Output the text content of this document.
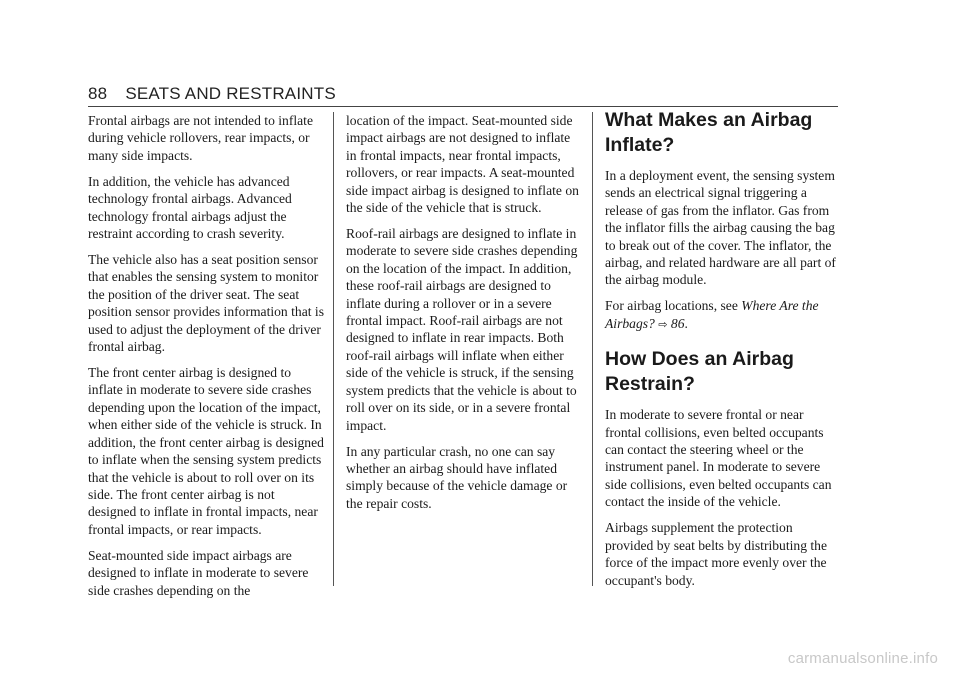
88 SEATS AND RESTRAINTS

Frontal airbags are not intended to inflate during vehicle rollovers, rear impacts, or many side impacts.

In addition, the vehicle has advanced technology frontal airbags. Advanced technology frontal airbags adjust the restraint according to crash severity.

The vehicle also has a seat position sensor that enables the sensing system to monitor the position of the driver seat. The seat position sensor provides information that is used to adjust the deployment of the driver frontal airbag.

The front center airbag is designed to inflate in moderate to severe side crashes depending upon the location of the impact, when either side of the vehicle is struck. In addition, the front center airbag is designed to inflate when the sensing system predicts that the vehicle is about to roll over on its side. The front center airbag is not designed to inflate in frontal impacts, near frontal impacts, or rear impacts.

Seat-mounted side impact airbags are designed to inflate in moderate to severe side crashes depending on the

location of the impact. Seat-mounted side impact airbags are not designed to inflate in frontal impacts, near frontal impacts, rollovers, or rear impacts. A seat-mounted side impact airbag is designed to inflate on the side of the vehicle that is struck.

Roof-rail airbags are designed to inflate in moderate to severe side crashes depending on the location of the impact. In addition, these roof-rail airbags are designed to inflate during a rollover or in a severe frontal impact. Roof-rail airbags are not designed to inflate in rear impacts. Both roof-rail airbags will inflate when either side of the vehicle is struck, if the sensing system predicts that the vehicle is about to roll over on its side, or in a severe frontal impact.

In any particular crash, no one can say whether an airbag should have inflated simply because of the vehicle damage or the repair costs.

What Makes an Airbag Inflate?

In a deployment event, the sensing system sends an electrical signal triggering a release of gas from the inflator. Gas from the inflator fills the airbag causing the bag to break out of the cover. The inflator, the airbag, and related hardware are all part of the airbag module.

For airbag locations, see Where Are the Airbags? ⇨ 86.

How Does an Airbag Restrain?

In moderate to severe frontal or near frontal collisions, even belted occupants can contact the steering wheel or the instrument panel. In moderate to severe side collisions, even belted occupants can contact the inside of the vehicle.

Airbags supplement the protection provided by seat belts by distributing the force of the impact more evenly over the occupant's body.

carmanualsonline.info
